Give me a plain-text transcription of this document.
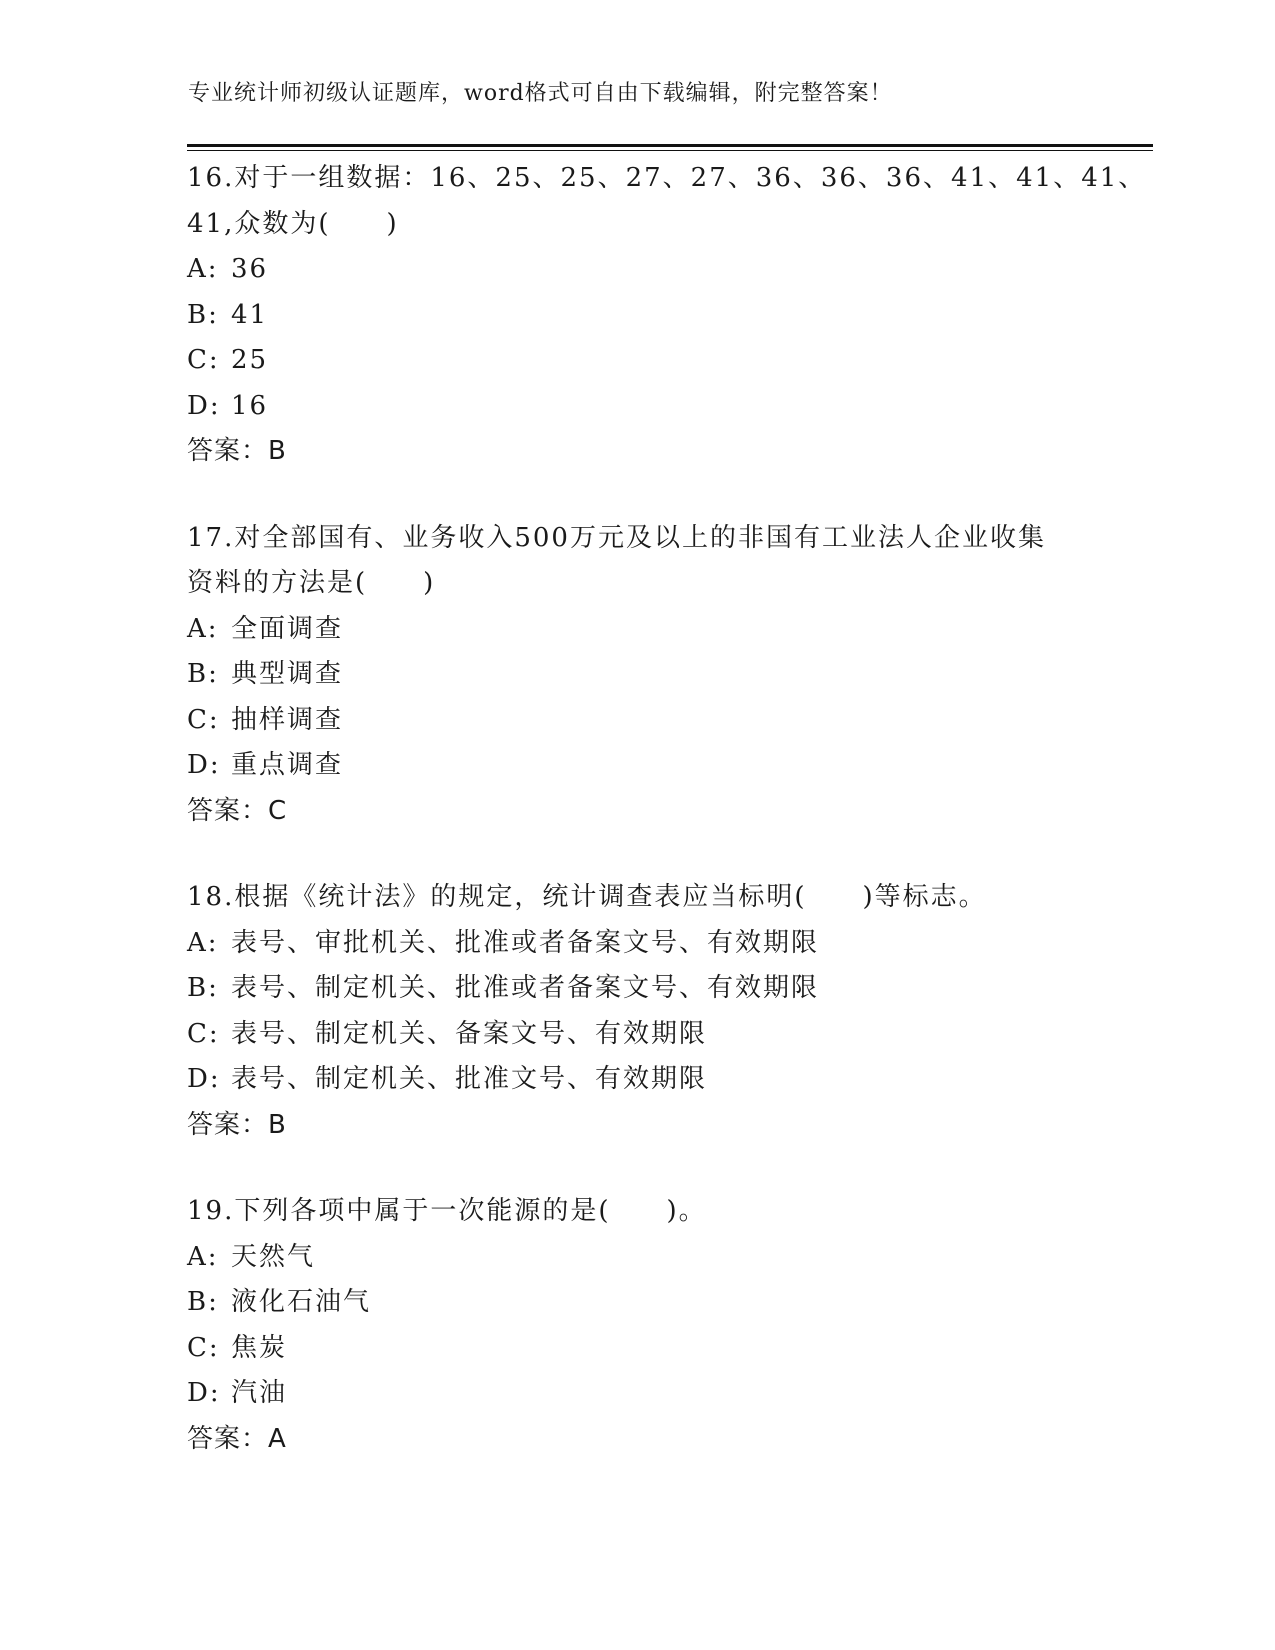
专业统计师初级认证题库，word格式可自由下载编辑，附完整答案！
16.对于一组数据：16、25、25、27、27、36、36、36、41、41、41、
41,众数为(　　)
A: 36
B: 41
C: 25
D: 16
答案：B
17.对全部国有、业务收入500万元及以上的非国有工业法人企业收集
资料的方法是(　　)
A: 全面调查
B: 典型调查
C: 抽样调查
D: 重点调查
答案：C
18.根据《统计法》的规定，统计调查表应当标明(　　)等标志。
A: 表号、审批机关、批准或者备案文号、有效期限
B: 表号、制定机关、批准或者备案文号、有效期限
C: 表号、制定机关、备案文号、有效期限
D: 表号、制定机关、批准文号、有效期限
答案：B
19.下列各项中属于一次能源的是(　　)。
A: 天然气
B: 液化石油气
C: 焦炭
D: 汽油
答案：A
